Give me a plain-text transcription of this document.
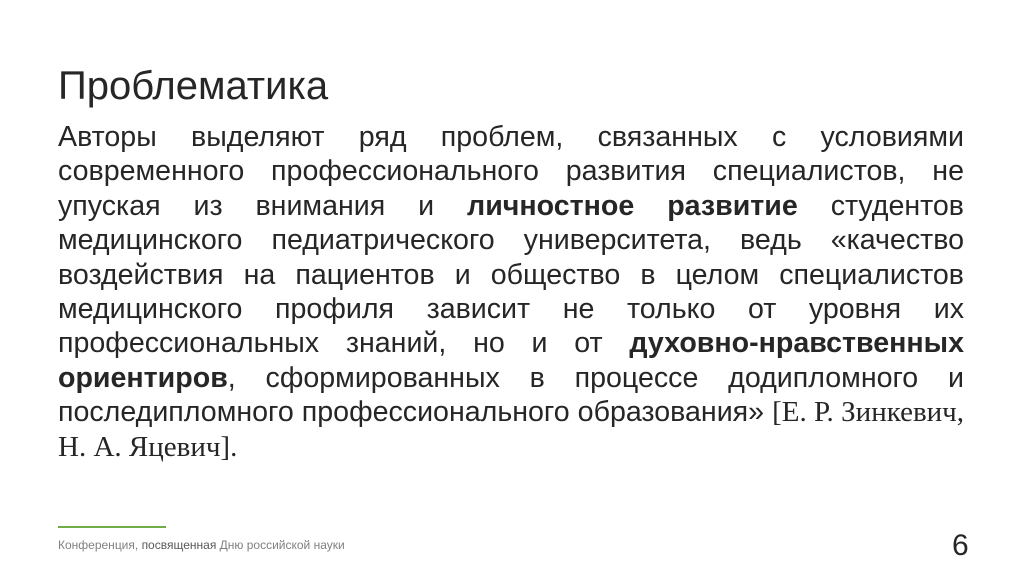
Проблематика
Авторы выделяют ряд проблем, связанных с условиями современного профессионального развития специалистов, не упуская из внимания и личностное развитие студентов медицинского педиатрического университета, ведь «качество воздействия на пациентов и общество в целом специалистов медицинского профиля зависит не только от уровня их профессиональных знаний, но и от духовно-нравственных ориентиров, сформированных в процессе додипломного и последипломного профессионального образования» [Е. Р. Зинкевич, Н. А. Яцевич].
Конференция, посвященная Дню российской науки	6
